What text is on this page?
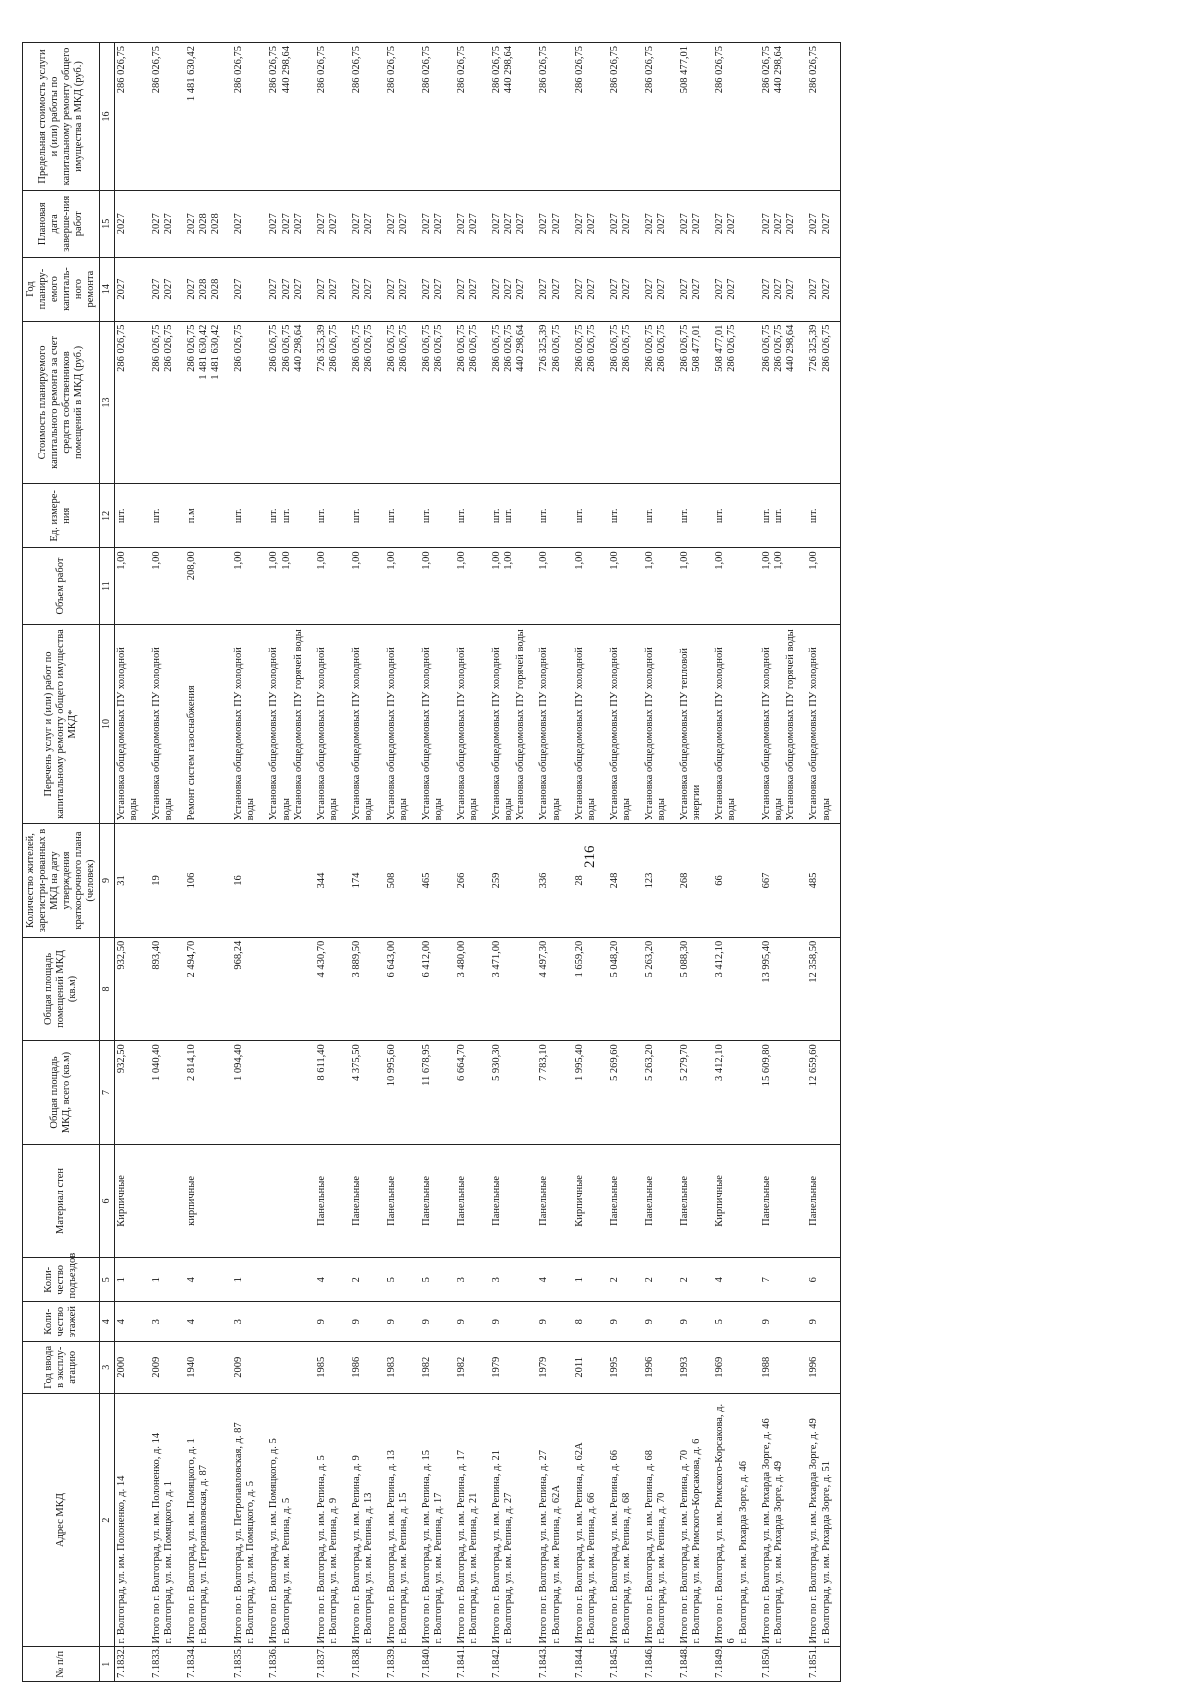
216
№ п/п	Адрес МКД	Год ввода в эксплу-атацию	Коли-чество этажей	Коли-чество подъездов	Материал стен	Общая площадь МКД, всего (кв.м)	Общая площадь помещений МКД (кв.м)	Количество жителей, зарегистри-рованных в МКД на дату утверждения краткосрочного плана (человек)	Перечень услуг и (или) работ по капитальному ремонту общего имущества МКД*	Объем работ	Ед. измере-ния	Стоимость планируемого капитального ремонта за счет средств собственников помещений в МКД (руб.)	Год планиру-емого капиталь-ного ремонта	Плановая дата заверше-ния работ	Предельная стоимость услуги и (или) работы по капитальному ремонту общего имущества в МКД (руб.)
1	2	3	4	5	6	7	8	9	10	11	12	13	14	15	16
7.1832.	г. Волгоград, ул. им. Полоненко, д. 14	2000	4	1	Кирпичные	932,50	932,50	31	Установка общедомовых ПУ холодной воды	1,00	шт.	286 026,75	2027	2027	286 026,75

7.1833.	Итого по г. Волгоград, ул. им. Полоненко, д. 14 г. Волгоград, ул. им. Помяцкого, д. 1	2009	3	1		1 040,40	893,40	19	Установка общедомовых ПУ холодной воды	1,00	шт.	286 026,75 286 026,75	2027 2027	2027 2027	286 026,75

7.1834.	Итого по г. Волгоград, ул. им. Помяцкого, д. 1 г. Волгоград, ул. Петропавловская, д. 87	1940	4	4	кирпичные	2 814,10	2 494,70	106	Ремонт систем газоснабжения	208,00	п.м	286 026,75 1 481 630,42 1 481 630,42	2027 2028 2028	2027 2028 2028	1 481 630,42

7.1835.	Итого по г. Волгоград, ул. Петропавловская, д. 87 г. Волгоград, ул. им. Помяцкого, д. 5	2009	3	1		1 094,40	968,24	16	Установка общедомовых ПУ холодной воды	1,00	шт.	286 026,75	2027	2027	286 026,75

7.1836.	Итого по г. Волгоград, ул. им. Помяцкого, д. 5 г. Волгоград, ул. им. Репина, д. 5								Установка общедомовых ПУ холодной воды Установка общедомовых ПУ горячей воды	1,00 1,00	шт. шт.	286 026,75 286 026,75 440 298,64	2027 2027 2027	2027 2027 2027	286 026,75 440 298,64

7.1837.	Итого по г. Волгоград, ул. им. Репина, д. 5 г. Волгоград, ул. им. Репина, д. 9	1985	9	4	Панельные	8 611,40	4 430,70	344	Установка общедомовых ПУ холодной воды	1,00	шт.	726 325,39 286 026,75	2027 2027	2027 2027	286 026,75

7.1838.	Итого по г. Волгоград, ул. им. Репина, д. 9 г. Волгоград, ул. им. Репина, д. 13	1986	9	2	Панельные	4 375,50	3 889,50	174	Установка общедомовых ПУ холодной воды	1,00	шт.	286 026,75 286 026,75	2027 2027	2027 2027	286 026,75

7.1839.	Итого по г. Волгоград, ул. им. Репина, д. 13 г. Волгоград, ул. им. Репина, д. 15	1983	9	5	Панельные	10 995,60	6 643,00	508	Установка общедомовых ПУ холодной воды	1,00	шт.	286 026,75 286 026,75	2027 2027	2027 2027	286 026,75

7.1840.	Итого по г. Волгоград, ул. им. Репина, д. 15 г. Волгоград, ул. им. Репина, д. 17	1982	9	5	Панельные	11 678,95	6 412,00	465	Установка общедомовых ПУ холодной воды	1,00	шт.	286 026,75 286 026,75	2027 2027	2027 2027	286 026,75

7.1841.	Итого по г. Волгоград, ул. им. Репина, д. 17 г. Волгоград, ул. им. Репина, д. 21	1982	9	3	Панельные	6 664,70	3 480,00	266	Установка общедомовых ПУ холодной воды	1,00	шт.	286 026,75 286 026,75	2027 2027	2027 2027	286 026,75

7.1842.	Итого по г. Волгоград, ул. им. Репина, д. 21 г. Волгоград, ул. им. Репина, д. 27	1979	9	3	Панельные	5 930,30	3 471,00	259	Установка общедомовых ПУ холодной воды Установка общедомовых ПУ горячей воды	1,00 1,00	шт. шт.	286 026,75 286 026,75 440 298,64	2027 2027 2027	2027 2027 2027	286 026,75 440 298,64

7.1843.	Итого по г. Волгоград, ул. им. Репина, д. 27 г. Волгоград, ул. им. Репина, д. 62А	1979	9	4	Панельные	7 783,10	4 497,30	336	Установка общедомовых ПУ холодной воды	1,00	шт.	726 325,39 286 026,75	2027 2027	2027 2027	286 026,75

7.1844.	Итого по г. Волгоград, ул. им. Репина, д. 62А г. Волгоград, ул. им. Репина, д. 66	2011	8	1	Кирпичные	1 995,40	1 659,20	28	Установка общедомовых ПУ холодной воды	1,00	шт.	286 026,75 286 026,75	2027 2027	2027 2027	286 026,75

7.1845.	Итого по г. Волгоград, ул. им. Репина, д. 66 г. Волгоград, ул. им. Репина, д. 68	1995	9	2	Панельные	5 269,60	5 048,20	248	Установка общедомовых ПУ холодной воды	1,00	шт.	286 026,75 286 026,75	2027 2027	2027 2027	286 026,75

7.1846.	Итого по г. Волгоград, ул. им. Репина, д. 68 г. Волгоград, ул. им. Репина, д. 70	1996	9	2	Панельные	5 263,20	5 263,20	123	Установка общедомовых ПУ холодной воды	1,00	шт.	286 026,75 286 026,75	2027 2027	2027 2027	286 026,75

7.1848.	Итого по г. Волгоград, ул. им. Репина, д. 70 г. Волгоград, ул. им. Римского-Корсакова, д. 6	1993	9	2	Панельные	5 279,70	5 088,30	268	Установка общедомовых ПУ тепловой энергии	1,00	шт.	286 026,75 508 477,01	2027 2027	2027 2027	508 477,01

7.1849.	Итого по г. Волгоград, ул. им. Римского-Корсакова, д. 6 г. Волгоград, ул. им. Рихарда Зорге, д. 46	1969	5	4	Кирпичные	3 412,10	3 412,10	66	Установка общедомовых ПУ холодной воды	1,00	шт.	508 477,01 286 026,75	2027 2027	2027 2027	286 026,75

7.1850.	Итого по г. Волгоград, ул. им. Рихарда Зорге, д. 46 г. Волгоград, ул. им. Рихарда Зорге, д. 49	1988	9	7	Панельные	15 609,80	13 995,40	667	Установка общедомовых ПУ холодной воды Установка общедомовых ПУ горячей воды	1,00 1,00	шт. шт.	286 026,75 286 026,75 440 298,64	2027 2027 2027	2027 2027 2027	286 026,75 440 298,64

7.1851.	Итого по г. Волгоград, ул. им. Рихарда Зорге, д. 49 г. Волгоград, ул. им. Рихарда Зорге, д. 51	1996	9	6	Панельные	12 659,60	12 358,50	485	Установка общедомовых ПУ холодной воды	1,00	шт.	726 325,39 286 026,75	2027 2027	2027 2027	286 026,75
